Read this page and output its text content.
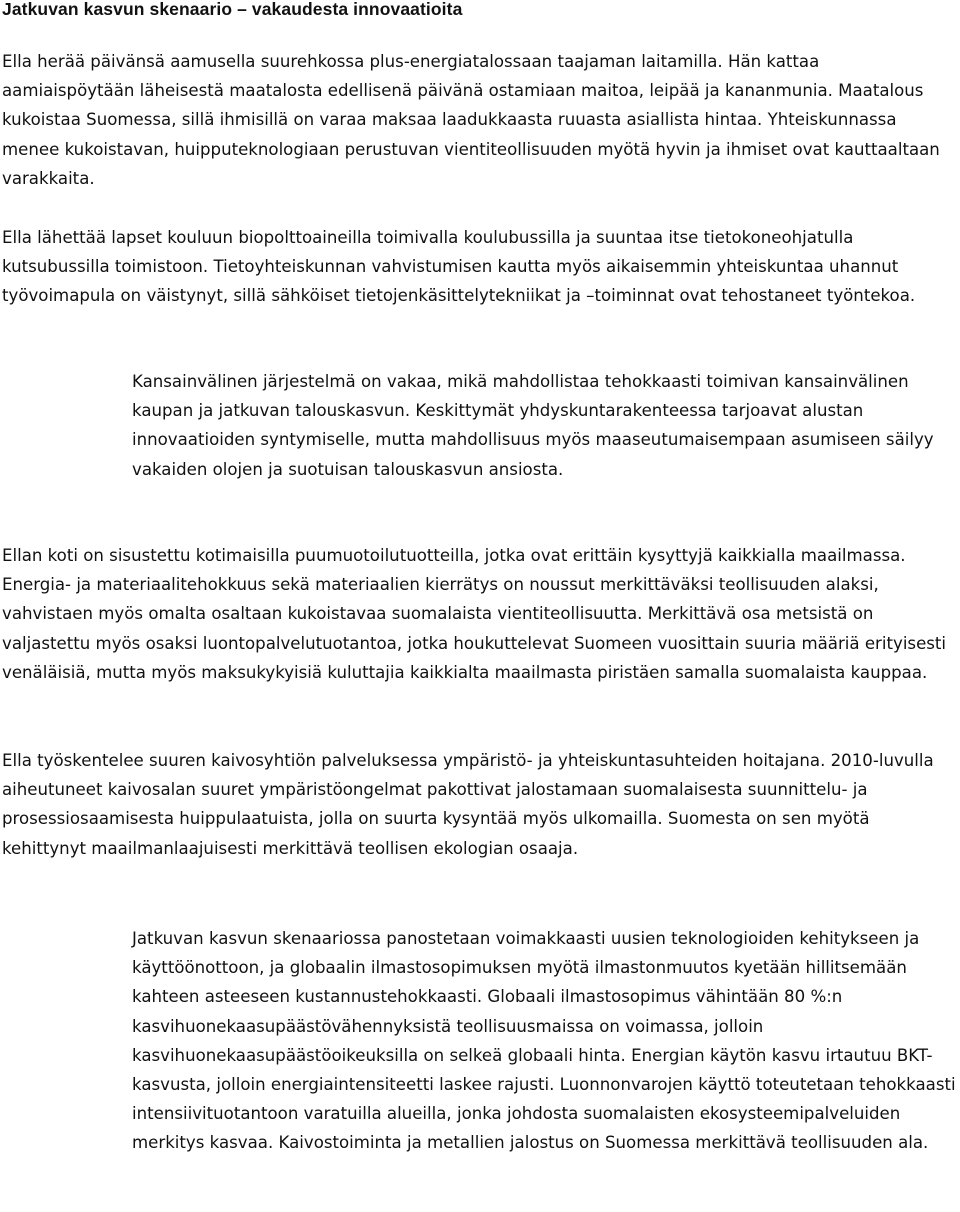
Jatkuvan kasvun skenaario – vakaudesta innovaatioita

Ella herää päivänsä aamusella suurehkossa plus-energiatalossaan taajaman laitamilla. Hän kattaa aamiaispöytään läheisestä maatalosta edellisenä päivänä ostamiaan maitoa, leipää ja kananmunia. Maatalous kukoistaa Suomessa, sillä ihmisillä on varaa maksaa laadukkaasta ruuasta asiallista hintaa. Yhteiskunnassa menee kukoistavan, huipputeknologiaan perustuvan vientiteollisuuden myötä hyvin ja ihmiset ovat kauttaaltaan varakkaita.

Ella lähettää lapset kouluun biopolttoaineilla toimivalla koulubussilla ja suuntaa itse tietokoneohjatulla kutsubussilla toimistoon. Tietoyhteiskunnan vahvistumisen kautta myös aikaisemmin yhteiskuntaa uhannut työvoimapula on väistynyt, sillä sähköiset tietojenkäsittelytekniikat ja –toiminnat ovat tehostaneet työntekoa.

Kansainvälinen järjestelmä on vakaa, mikä mahdollistaa tehokkaasti toimivan kansainvälinen kaupan ja jatkuvan talouskasvun. Keskittymät yhdyskuntarakenteessa tarjoavat alustan innovaatioiden syntymiselle, mutta mahdollisuus myös maaseutumaisempaan asumiseen säilyy vakaiden olojen ja suotuisan talouskasvun ansiosta.

Ellan koti on sisustettu kotimaisilla puumuotoilutuotteilla, jotka ovat erittäin kysyttyjä kaikkialla maailmassa. Energia- ja materiaalitehokkuus sekä materiaalien kierrätys on noussut merkittäväksi teollisuuden alaksi, vahvistaen myös omalta osaltaan kukoistavaa suomalaista vientiteollisuutta. Merkittävä osa metsistä on valjastettu myös osaksi luontopalvelutuotantoa, jotka houkuttelevat Suomeen vuosittain suuria määriä erityisesti venäläisiä, mutta myös maksukykyisiä kuluttajia kaikkialta maailmasta piristäen samalla suomalaista kauppaa.

Ella työskentelee suuren kaivosyhtiön palveluksessa ympäristö- ja yhteiskuntasuhteiden hoitajana. 2010-luvulla aiheutuneet kaivosalan suuret ympäristöongelmat pakottivat jalostamaan suomalaisesta suunnittelu- ja prosessiosaamisesta huippulaatuista, jolla on suurta kysyntää myös ulkomailla. Suomesta on sen myötä kehittynyt maailmanlaajuisesti merkittävä teollisen ekologian osaaja.

Jatkuvan kasvun skenaariossa panostetaan voimakkaasti uusien teknologioiden kehitykseen ja käyttöönottoon, ja globaalin ilmastosopimuksen myötä ilmastonmuutos kyetään hillitsemään kahteen asteeseen kustannustehokkaasti. Globaali ilmastosopimus vähintään 80 %:n kasvihuonekaasupäästövähennyksistä teollisuusmaissa on voimassa, jolloin kasvihuonekaasupäästöoikeuksilla on selkeä globaali hinta. Energian käytön kasvu irtautuu BKT-kasvusta, jolloin energiaintensiteetti laskee rajusti. Luonnonvarojen käyttö toteutetaan tehokkaasti intensiivituotantoon varatuilla alueilla, jonka johdosta suomalaisten ekosysteemipalveluiden merkitys kasvaa. Kaivostoiminta ja metallien jalostus on Suomessa merkittävä teollisuuden ala.
